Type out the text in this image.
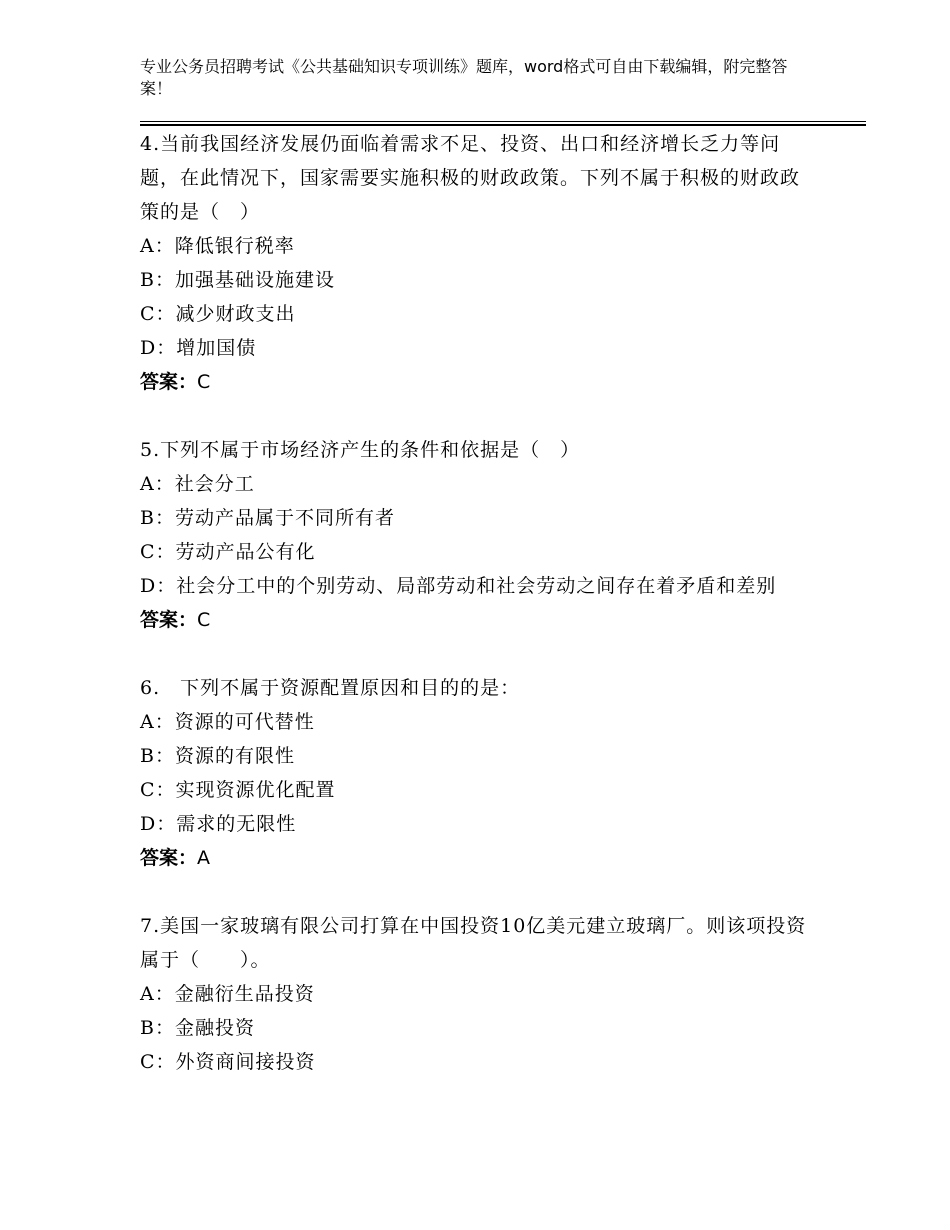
专业公务员招聘考试《公共基础知识专项训练》题库，word格式可自由下载编辑，附完整答案！
4.当前我国经济发展仍面临着需求不足、投资、出口和经济增长乏力等问题，在此情况下，国家需要实施积极的财政政策。下列不属于积极的财政政策的是（　）
A：降低银行税率
B：加强基础设施建设
C：减少财政支出
D：增加国债
答案：C
5.下列不属于市场经济产生的条件和依据是（　）
A：社会分工
B：劳动产品属于不同所有者
C：劳动产品公有化
D：社会分工中的个别劳动、局部劳动和社会劳动之间存在着矛盾和差别
答案：C
6.　下列不属于资源配置原因和目的的是：
A：资源的可代替性
B：资源的有限性
C：实现资源优化配置
D：需求的无限性
答案：A
7.美国一家玻璃有限公司打算在中国投资10亿美元建立玻璃厂。则该项投资属于（　　）。
A：金融衍生品投资
B：金融投资
C：外资商间接投资
